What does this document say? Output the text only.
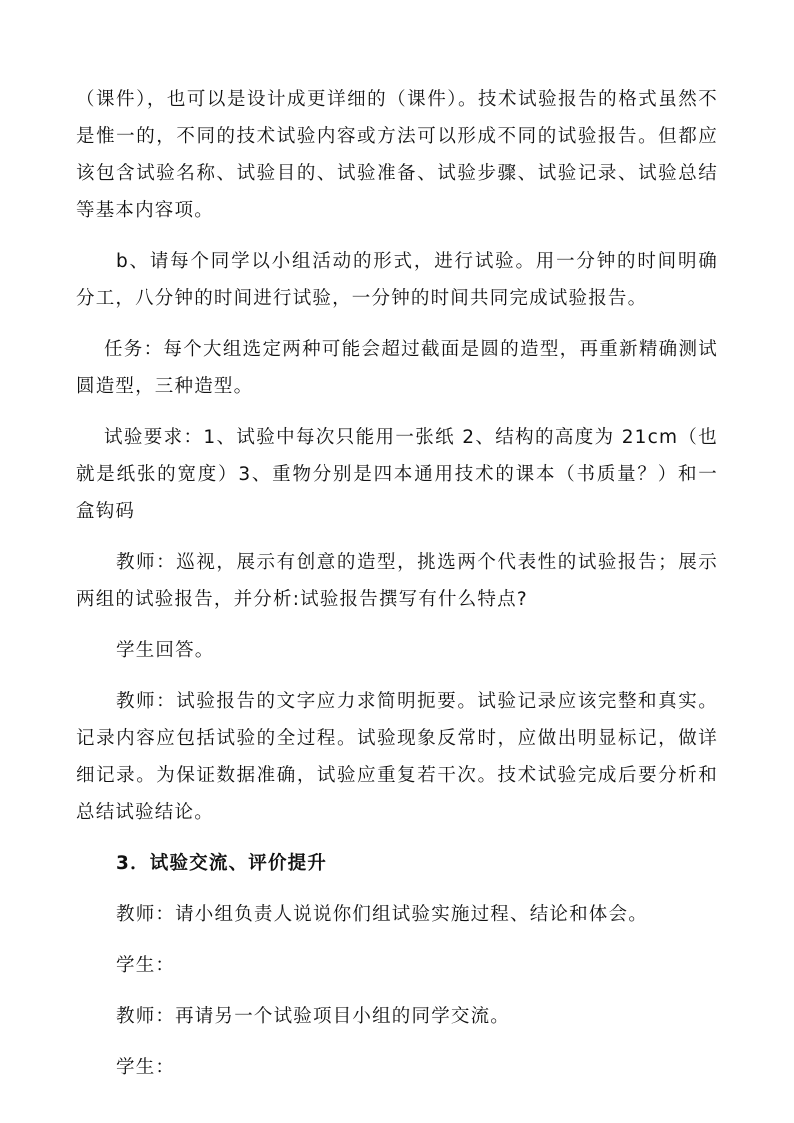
（课件），也可以是设计成更详细的（课件）。技术试验报告的格式虽然不是惟一的，不同的技术试验内容或方法可以形成不同的试验报告。但都应该包含试验名称、试验目的、试验准备、试验步骤、试验记录、试验总结等基本内容项。

b、请每个同学以小组活动的形式，进行试验。用一分钟的时间明确分工，八分钟的时间进行试验，一分钟的时间共同完成试验报告。

任务：每个大组选定两种可能会超过截面是圆的造型，再重新精确测试圆造型，三种造型。

试验要求：1、试验中每次只能用一张纸 2、结构的高度为 21cm（也就是纸张的宽度）3、重物分别是四本通用技术的课本（书质量？）和一盒钩码

教师：巡视，展示有创意的造型，挑选两个代表性的试验报告；展示两组的试验报告，并分析:试验报告撰写有什么特点?

学生回答。

教师：试验报告的文字应力求简明扼要。试验记录应该完整和真实。记录内容应包括试验的全过程。试验现象反常时，应做出明显标记，做详细记录。为保证数据准确，试验应重复若干次。技术试验完成后要分析和总结试验结论。

3．试验交流、评价提升

教师：请小组负责人说说你们组试验实施过程、结论和体会。

学生：

教师：再请另一个试验项目小组的同学交流。

学生：
